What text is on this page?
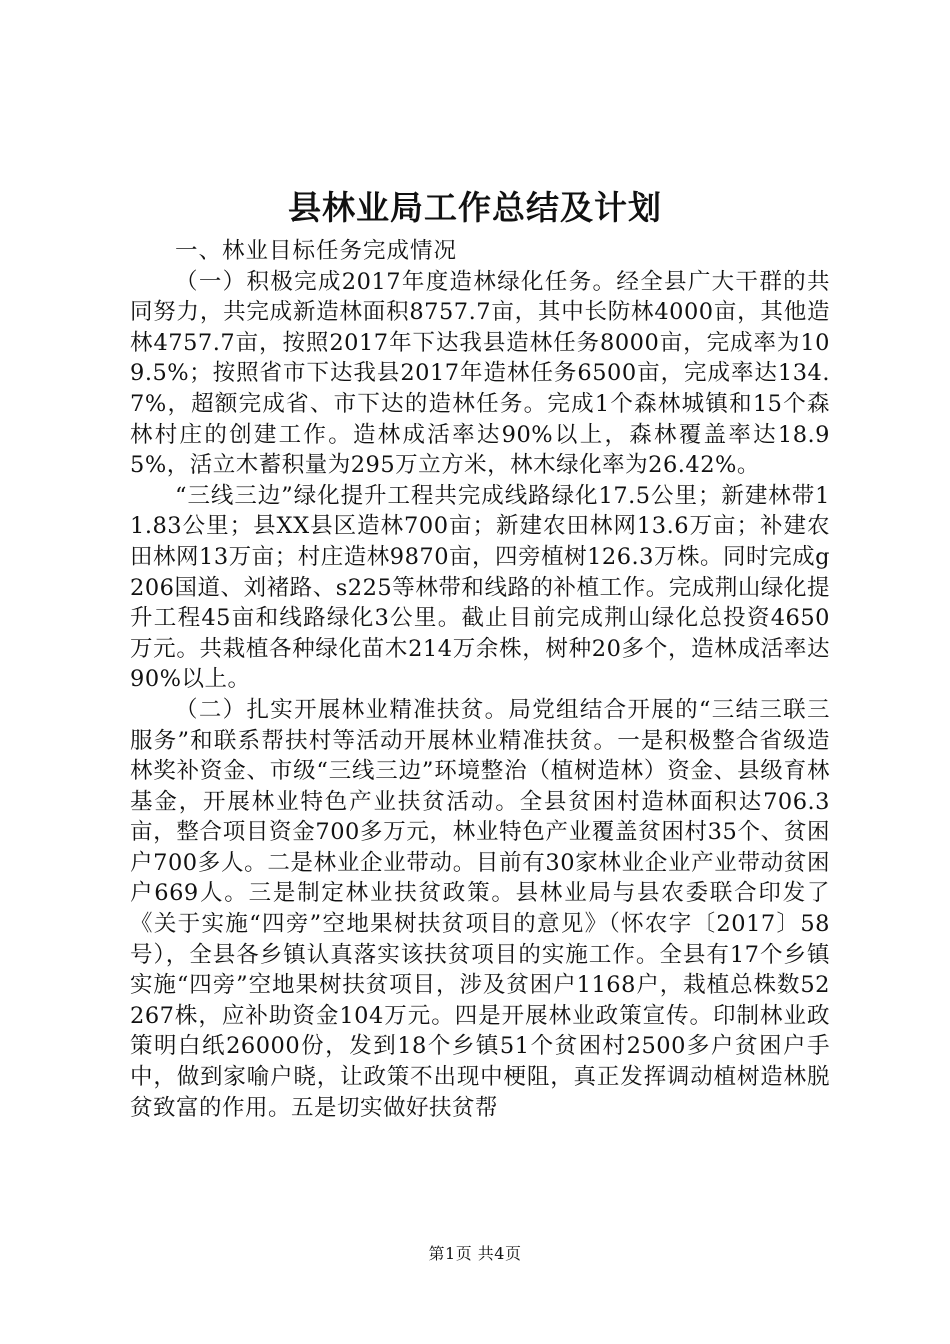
县林业局工作总结及计划

一、林业目标任务完成情况

（一）积极完成2017年度造林绿化任务。经全县广大干群的共同努力，共完成新造林面积8757.7亩，其中长防林4000亩，其他造林4757.7亩，按照2017年下达我县造林任务8000亩，完成率为109.5%；按照省市下达我县2017年造林任务6500亩，完成率达134.7%，超额完成省、市下达的造林任务。完成1个森林城镇和15个森林村庄的创建工作。造林成活率达90%以上，森林覆盖率达18.95%，活立木蓄积量为295万立方米，林木绿化率为26.42%。

“三线三边”绿化提升工程共完成线路绿化17.5公里；新建林带11.83公里；县XX县区造林700亩；新建农田林网13.6万亩；补建农田林网13万亩；村庄造林9870亩，四旁植树126.3万株。同时完成g206国道、刘褚路、s225等林带和线路的补植工作。完成荆山绿化提升工程45亩和线路绿化3公里。截止目前完成荆山绿化总投资4650万元。共栽植各种绿化苗木214万余株，树种20多个，造林成活率达90%以上。

（二）扎实开展林业精准扶贫。局党组结合开展的“三结三联三服务”和联系帮扶村等活动开展林业精准扶贫。一是积极整合省级造林奖补资金、市级“三线三边”环境整治（植树造林）资金、县级育林基金，开展林业特色产业扶贫活动。全县贫困村造林面积达706.3亩，整合项目资金700多万元，林业特色产业覆盖贫困村35个、贫困户700多人。二是林业企业带动。目前有30家林业企业产业带动贫困户669人。三是制定林业扶贫政策。县林业局与县农委联合印发了《关于实施“四旁”空地果树扶贫项目的意见》（怀农字〔2017〕58号），全县各乡镇认真落实该扶贫项目的实施工作。全县有17个乡镇实施“四旁”空地果树扶贫项目，涉及贫困户1168户，栽植总株数52267株，应补助资金104万元。四是开展林业政策宣传。印制林业政策明白纸26000份，发到18个乡镇51个贫困村2500多户贫困户手中，做到家喻户晓，让政策不出现中梗阻，真正发挥调动植树造林脱贫致富的作用。五是切实做好扶贫帮

第1页 共4页
